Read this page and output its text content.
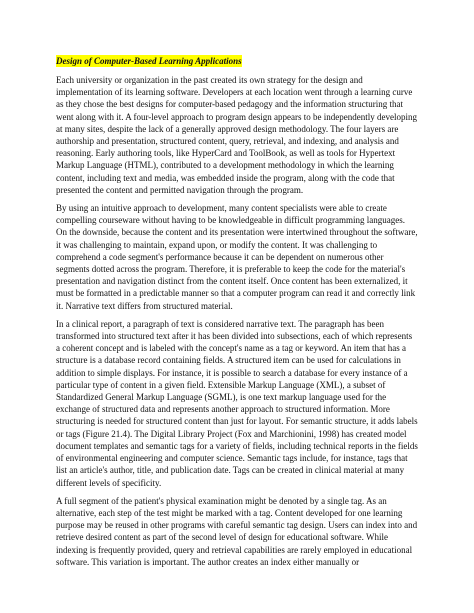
Design of Computer-Based Learning Applications

Each university or organization in the past created its own strategy for the design and implementation of its learning software. Developers at each location went through a learning curve as they chose the best designs for computer-based pedagogy and the information structuring that went along with it. A four-level approach to program design appears to be independently developing at many sites, despite the lack of a generally approved design methodology. The four layers are authorship and presentation, structured content, query, retrieval, and indexing, and analysis and reasoning. Early authoring tools, like HyperCard and ToolBook, as well as tools for Hypertext Markup Language (HTML), contributed to a development methodology in which the learning content, including text and media, was embedded inside the program, along with the code that presented the content and permitted navigation through the program.

By using an intuitive approach to development, many content specialists were able to create compelling courseware without having to be knowledgeable in difficult programming languages. On the downside, because the content and its presentation were intertwined throughout the software, it was challenging to maintain, expand upon, or modify the content. It was challenging to comprehend a code segment's performance because it can be dependent on numerous other segments dotted across the program. Therefore, it is preferable to keep the code for the material's presentation and navigation distinct from the content itself. Once content has been externalized, it must be formatted in a predictable manner so that a computer program can read it and correctly link it. Narrative text differs from structured material.

In a clinical report, a paragraph of text is considered narrative text. The paragraph has been transformed into structured text after it has been divided into subsections, each of which represents a coherent concept and is labeled with the concept's name as a tag or keyword. An item that has a structure is a database record containing fields. A structured item can be used for calculations in addition to simple displays. For instance, it is possible to search a database for every instance of a particular type of content in a given field. Extensible Markup Language (XML), a subset of Standardized General Markup Language (SGML), is one text markup language used for the exchange of structured data and represents another approach to structured information. More structuring is needed for structured content than just for layout. For semantic structure, it adds labels or tags (Figure 21.4). The Digital Library Project (Fox and Marchionini, 1998) has created model document templates and semantic tags for a variety of fields, including technical reports in the fields of environmental engineering and computer science. Semantic tags include, for instance, tags that list an article's author, title, and publication date. Tags can be created in clinical material at many different levels of specificity.

A full segment of the patient's physical examination might be denoted by a single tag. As an alternative, each step of the test might be marked with a tag. Content developed for one learning purpose may be reused in other programs with careful semantic tag design. Users can index into and retrieve desired content as part of the second level of design for educational software. While indexing is frequently provided, query and retrieval capabilities are rarely employed in educational software. This variation is important. The author creates an index either manually or
